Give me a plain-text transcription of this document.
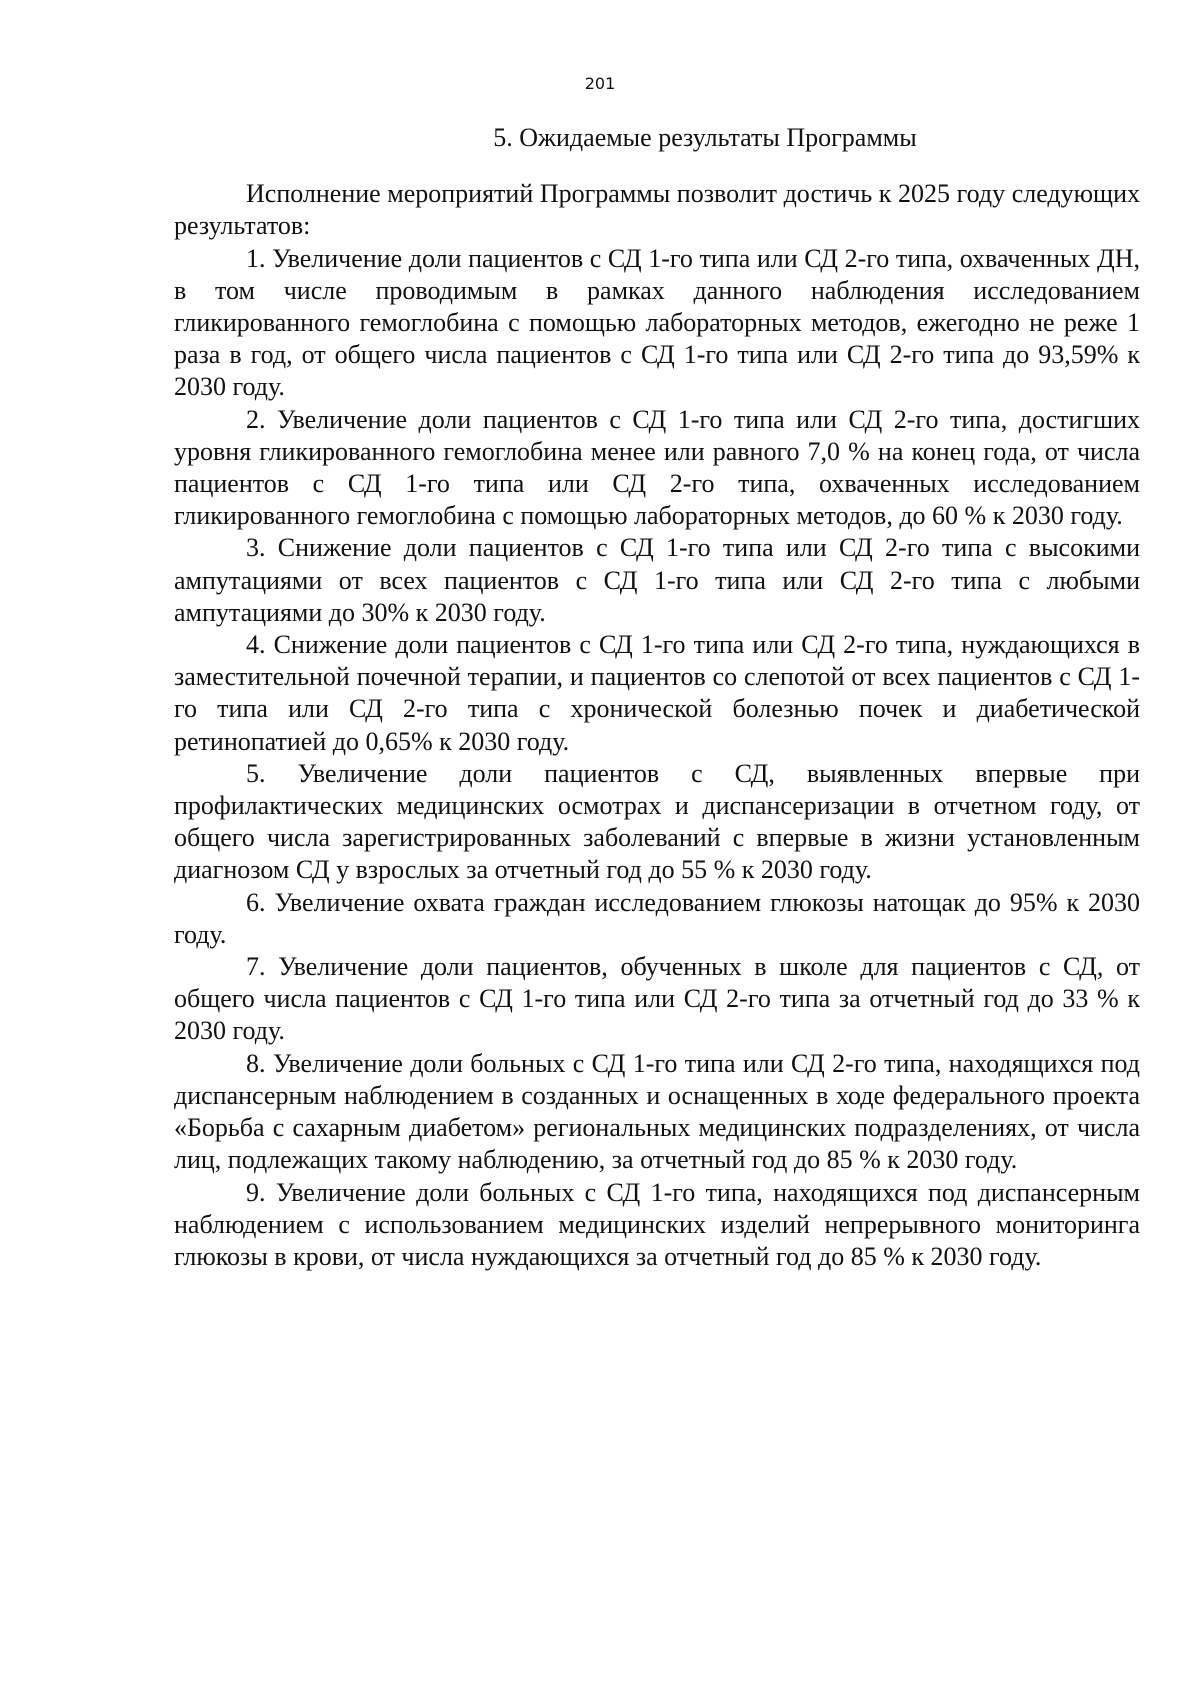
201
5. Ожидаемые результаты Программы

Исполнение мероприятий Программы позволит достичь к 2025 году следующих результатов:

1. Увеличение доли пациентов с СД 1-го типа или СД 2-го типа, охваченных ДН, в том числе проводимым в рамках данного наблюдения исследованием гликированного гемоглобина с помощью лабораторных методов, ежегодно не реже 1 раза в год, от общего числа пациентов с СД 1-го типа или СД 2-го типа до 93,59% к 2030 году.

2. Увеличение доли пациентов с СД 1-го типа или СД 2-го типа, достигших уровня гликированного гемоглобина менее или равного 7,0 % на конец года, от числа пациентов с СД 1-го типа или СД 2-го типа, охваченных исследованием гликированного гемоглобина с помощью лабораторных методов, до 60 % к 2030 году.

3. Снижение доли пациентов с СД 1-го типа или СД 2-го типа с высокими ампутациями от всех пациентов с СД 1-го типа или СД 2-го типа с любыми ампутациями до 30% к 2030 году.

4. Снижение доли пациентов с СД 1-го типа или СД 2-го типа, нуждающихся в заместительной почечной терапии, и пациентов со слепотой от всех пациентов с СД 1-го типа или СД 2-го типа с хронической болезнью почек и диабетической ретинопатией до 0,65% к 2030 году.

5. Увеличение доли пациентов с СД, выявленных впервые при профилактических медицинских осмотрах и диспансеризации в отчетном году, от общего числа зарегистрированных заболеваний с впервые в жизни установленным диагнозом СД у взрослых за отчетный год до 55 % к 2030 году.

6. Увеличение охвата граждан исследованием глюкозы натощак до 95% к 2030 году.

7. Увеличение доли пациентов, обученных в школе для пациентов с СД, от общего числа пациентов с СД 1-го типа или СД 2-го типа за отчетный год до 33 % к 2030 году.

8. Увеличение доли больных с СД 1-го типа или СД 2-го типа, находящихся под диспансерным наблюдением в созданных и оснащенных в ходе федерального проекта «Борьба с сахарным диабетом» региональных медицинских подразделениях, от числа лиц, подлежащих такому наблюдению, за отчетный год до 85 % к 2030 году.

9. Увеличение доли больных с СД 1-го типа, находящихся под диспансерным наблюдением с использованием медицинских изделий непрерывного мониторинга глюкозы в крови, от числа нуждающихся за отчетный год до 85 % к 2030 году.
